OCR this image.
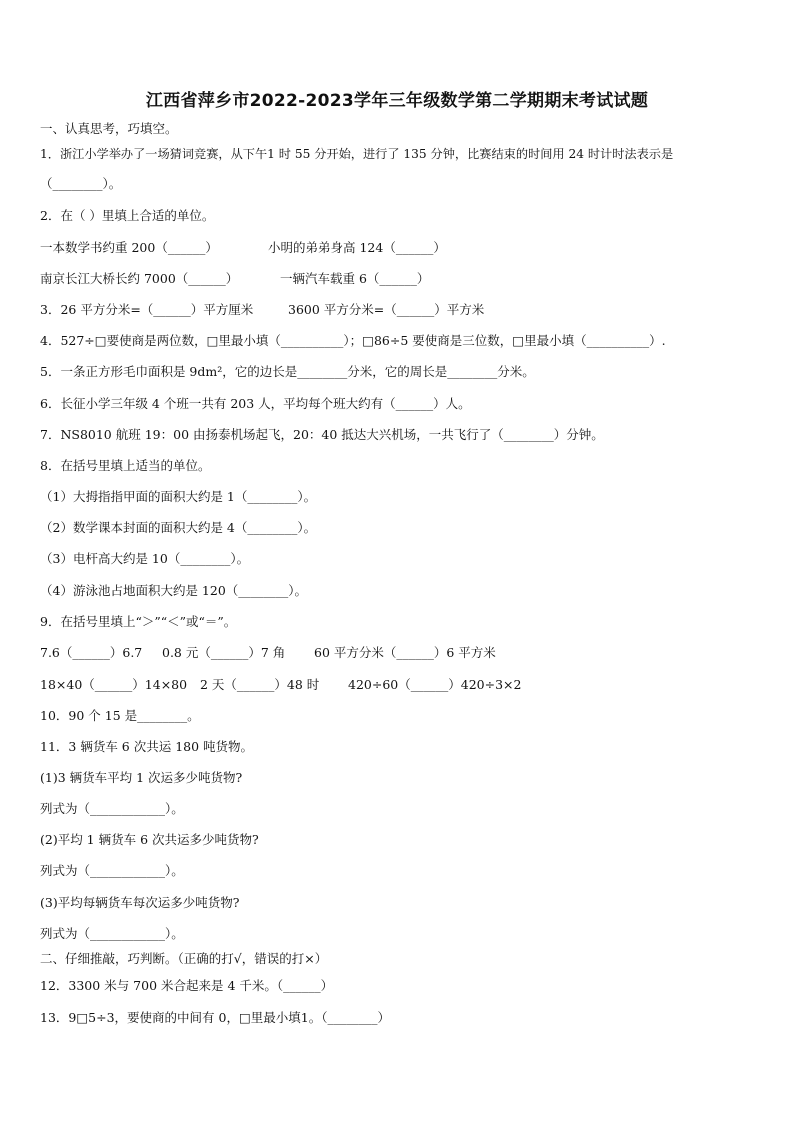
江西省萍乡市2022-2023学年三年级数学第二学期期末考试试题
一、认真思考，巧填空。
1．浙江小学举办了一场猜词竞赛，从下午1 时 55 分开始，进行了 135 分钟，比赛结束的时间用 24 时计时法表示是
（________）。
2．在（ ）里填上合适的单位。
一本数学书约重 200（______）	小明的弟弟身高 124（______）
南京长江大桥长约 7000（______）	一辆汽车载重 6（______）
3．26 平方分米=（______）平方厘米	3600 平方分米=（______）平方米
4．527÷□要使商是两位数，□里最小填（__________）；□86÷5 要使商是三位数，□里最小填（__________）.
5．一条正方形毛巾面积是 9dm²，它的边长是________分米，它的周长是________分米。
6．长征小学三年级 4 个班一共有 203 人，平均每个班大约有（______）人。
7．NS8010 航班 19：00 由扬泰机场起飞，20：40 抵达大兴机场，一共飞行了（________）分钟。
8．在括号里填上适当的单位。
（1）大拇指指甲面的面积大约是 1（________）。
（2）数学课本封面的面积大约是 4（________）。
（3）电杆高大约是 10（________）。
（4）游泳池占地面积大约是 120（________）。
9．在括号里填上“＞”“＜”或“＝”。
7.6（______）6.7 0.8 元（______）7 角 60 平方分米（______）6 平方米
18×40（______）14×80 2 天（______）48 时 420÷60（______）420÷3×2
10．90 个 15 是________。
11．3 辆货车 6 次共运 180 吨货物。
(1)3 辆货车平均 1 次运多少吨货物?
列式为（____________）。
(2)平均 1 辆货车 6 次共运多少吨货物?
列式为（____________）。
(3)平均每辆货车每次运多少吨货物?
列式为（____________）。
二、仔细推敲，巧判断。（正确的打√，错误的打×）
12．3300 米与 700 米合起来是 4 千米。（______）
13．9□5÷3，要使商的中间有 0，□里最小填1。（________）
